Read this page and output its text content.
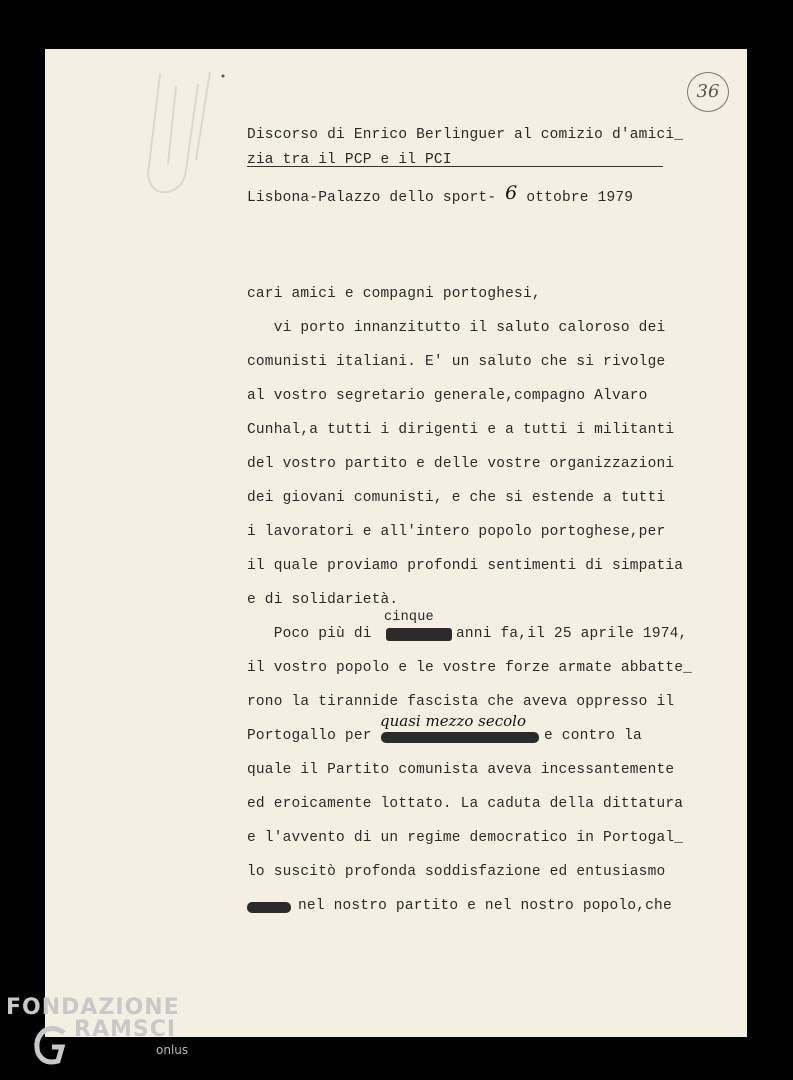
36
Discorso di Enrico Berlinguer al comizio d'amici_
zia tra il PCP e il PCI
Lisbona-Palazzo dello sport- 6 ottobre 1979
cari amici e compagni portoghesi,
vi porto innanzitutto il saluto caloroso dei
comunisti italiani. E' un saluto che si rivolge
al vostro segretario generale,compagno Alvaro
Cunhal,a tutti i dirigenti e a tutti i militanti
del vostro partito e delle vostre organizzazioni
dei giovani comunisti, e che si estende a tutti
i lavoratori e all'intero popolo portoghese,per
il quale proviamo profondi sentimenti di simpatia
e di solidarietà.
cinque
Poco più di	anni fa,il 25 aprile 1974,
il vostro popolo e le vostre forze armate abbatte_
rono la tirannide fascista che aveva oppresso il
quasi mezzo secolo
Portogallo per	e contro la
quale il Partito comunista aveva incessantemente
ed eroicamente lottato. La caduta della dittatura
e l'avvento di un regime democratico in Portogal_
lo suscitò profonda soddisfazione ed entusiasmo
nel nostro partito e nel nostro popolo,che
FONDAZIONE
RAMSCI
onlus
